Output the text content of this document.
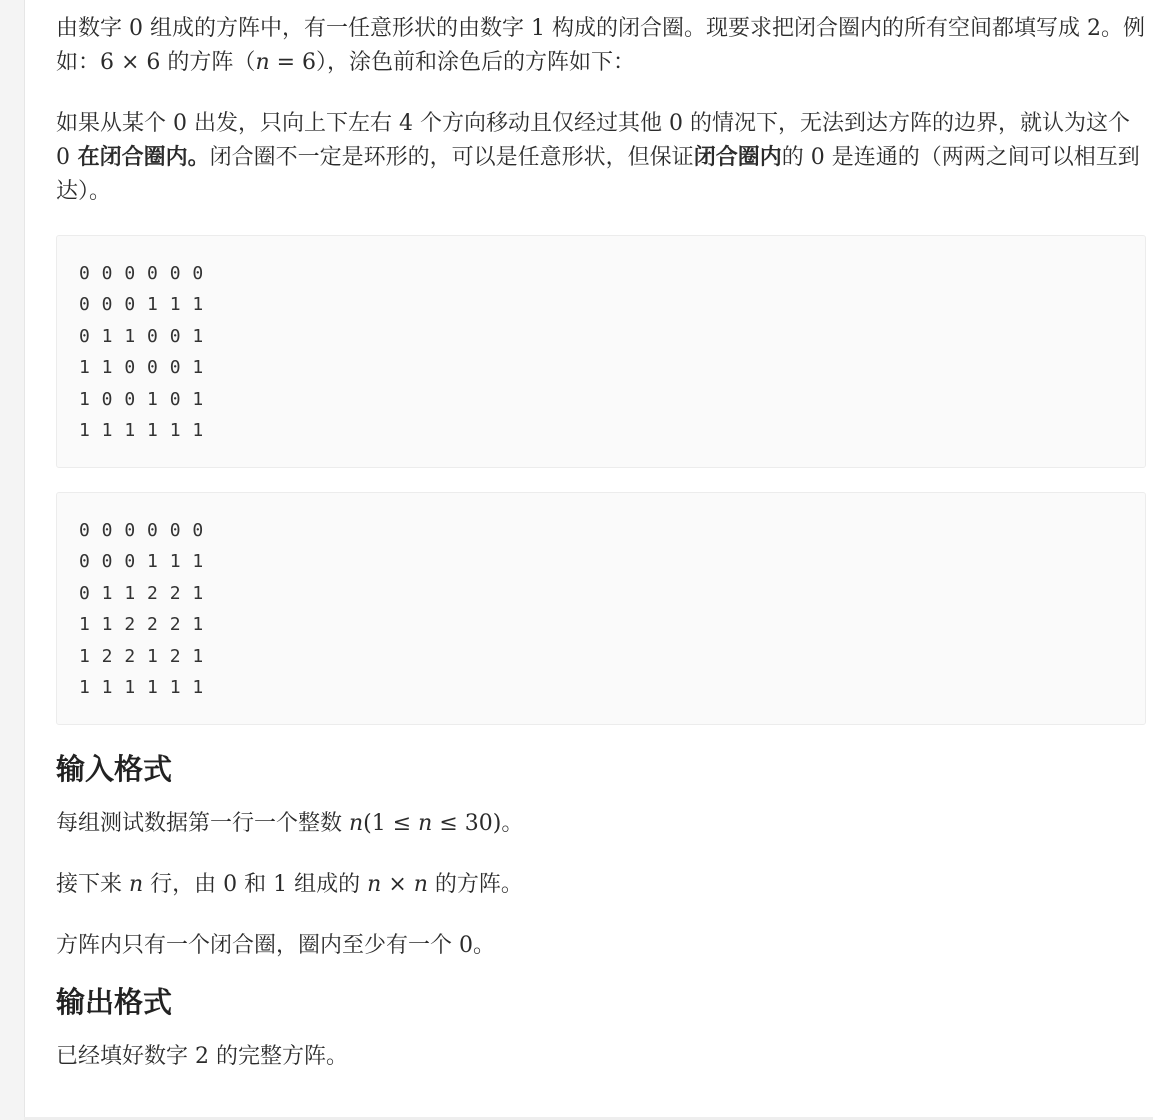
由数字 0 组成的方阵中，有一任意形状的由数字 1 构成的闭合圈。现要求把闭合圈内的所有空间都填写成 2。例如：6 × 6 的方阵（n = 6），涂色前和涂色后的方阵如下：

如果从某个 0 出发，只向上下左右 4 个方向移动且仅经过其他 0 的情况下，无法到达方阵的边界，就认为这个 0 在闭合圈内。闭合圈不一定是环形的，可以是任意形状，但保证闭合圈内的 0 是连通的（两两之间可以相互到达）。

0 0 0 0 0 0
0 0 0 1 1 1
0 1 1 0 0 1
1 1 0 0 0 1
1 0 0 1 0 1
1 1 1 1 1 1
0 0 0 0 0 0
0 0 0 1 1 1
0 1 1 2 2 1
1 1 2 2 2 1
1 2 2 1 2 1
1 1 1 1 1 1
输入格式

每组测试数据第一行一个整数 n(1 ≤ n ≤ 30)。

接下来 n 行，由 0 和 1 组成的 n × n 的方阵。

方阵内只有一个闭合圈，圈内至少有一个 0。

输出格式

已经填好数字 2 的完整方阵。
